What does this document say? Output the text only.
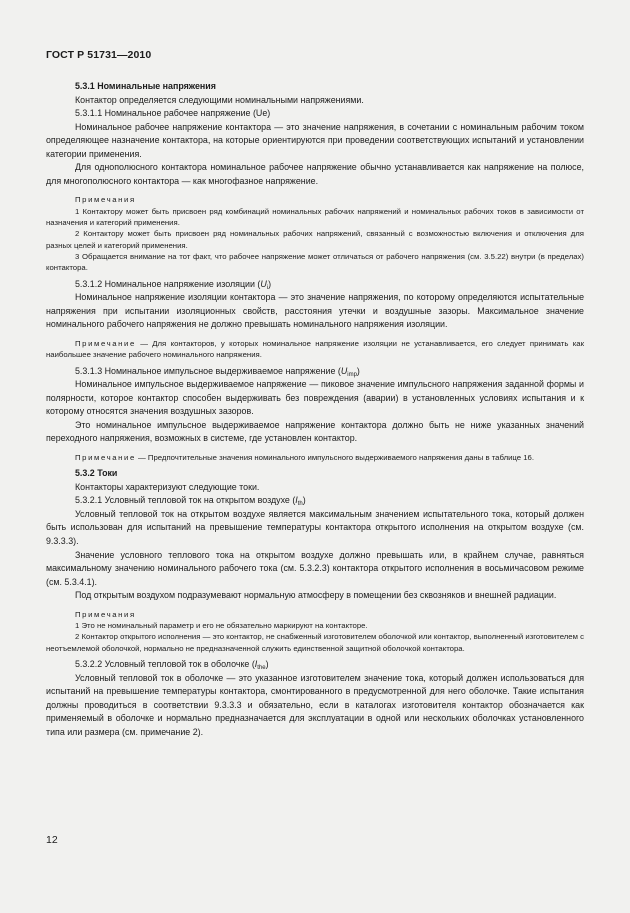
ГОСТ Р 51731—2010

5.3.1 Номинальные напряжения

Контактор определяется следующими номинальными напряжениями.

5.3.1.1 Номинальное рабочее напряжение (Ue)

Номинальное рабочее напряжение контактора — это значение напряжения, в сочетании с номинальным рабочим током определяющее назначение контактора, на которые ориентируются при проведении соответствующих испытаний и установлении категории применения.

Для однополюсного контактора номинальное рабочее напряжение обычно устанавливается как напряжение на полюсе, для многополюсного контактора — как многофазное напряжение.

Примечания

1 Контактору может быть присвоен ряд комбинаций номинальных рабочих напряжений и номинальных рабочих токов в зависимости от назначения и категорий применения.

2 Контактору может быть присвоен ряд номинальных рабочих напряжений, связанный с возможностью включения и отключения для разных целей и категорий применения.

3 Обращается внимание на тот факт, что рабочее напряжение может отличаться от рабочего напряжения (см. 3.5.22) внутри (в пределах) контактора.

5.3.1.2 Номинальное напряжение изоляции $(U_i)$

Номинальное напряжение изоляции контактора — это значение напряжения, по которому определяются испытательные напряжения при испытании изоляционных свойств, расстояния утечки и воздушные зазоры. Максимальное значение номинального рабочего напряжения не должно превышать номинального напряжения изоляции.

Примечание — Для контакторов, у которых номинальное напряжение изоляции не устанавливается, его следует принимать как наибольшее значение рабочего номинального напряжения.

5.3.1.3 Номинальное импульсное выдерживаемое напряжение $(U_{imp})$

Номинальное импульсное выдерживаемое напряжение — пиковое значение импульсного напряжения заданной формы и полярности, которое контактор способен выдерживать без повреждения (аварии) в установленных условиях испытания и к которому относятся значения воздушных зазоров.

Это номинальное импульсное выдерживаемое напряжение контактора должно быть не ниже указанных значений переходного напряжения, возможных в системе, где установлен контактор.

Примечание — Предпочтительные значения номинального импульсного выдерживаемого напряжения даны в таблице 16.

5.3.2 Токи

Контакторы характеризуют следующие токи.

5.3.2.1 Условный тепловой ток на открытом воздухе $(I_{th})$

Условный тепловой ток на открытом воздухе является максимальным значением испытательного тока, который должен быть использован для испытаний на превышение температуры контактора открытого исполнения на открытом воздухе (см. 9.3.3.3).

Значение условного теплового тока на открытом воздухе должно превышать или, в крайнем случае, равняться максимальному значению номинального рабочего тока (см. 5.3.2.3) контактора открытого исполнения в восьмичасовом режиме (см. 5.3.4.1).

Под открытым воздухом подразумевают нормальную атмосферу в помещении без сквозняков и внешней радиации.

Примечания

1 Это не номинальный параметр и его не обязательно маркируют на контакторе.

2 Контактор открытого исполнения — это контактор, не снабженный изготовителем оболочкой или контактор, выполненный изготовителем с неотъемлемой оболочкой, нормально не предназначенной служить единственной защитной оболочкой контактора.

5.3.2.2 Условный тепловой ток в оболочке $(I_{the})$

Условный тепловой ток в оболочке — это указанное изготовителем значение тока, который должен использоваться для испытаний на превышение температуры контактора, смонтированного в предусмотренной для него оболочке. Такие испытания должны проводиться в соответствии 9.3.3.3 и обязательно, если в каталогах изготовителя контактор обозначается как применяемый в оболочке и нормально предназначается для эксплуатации в одной или нескольких оболочках установленного типа или размера (см. примечание 2).

12
